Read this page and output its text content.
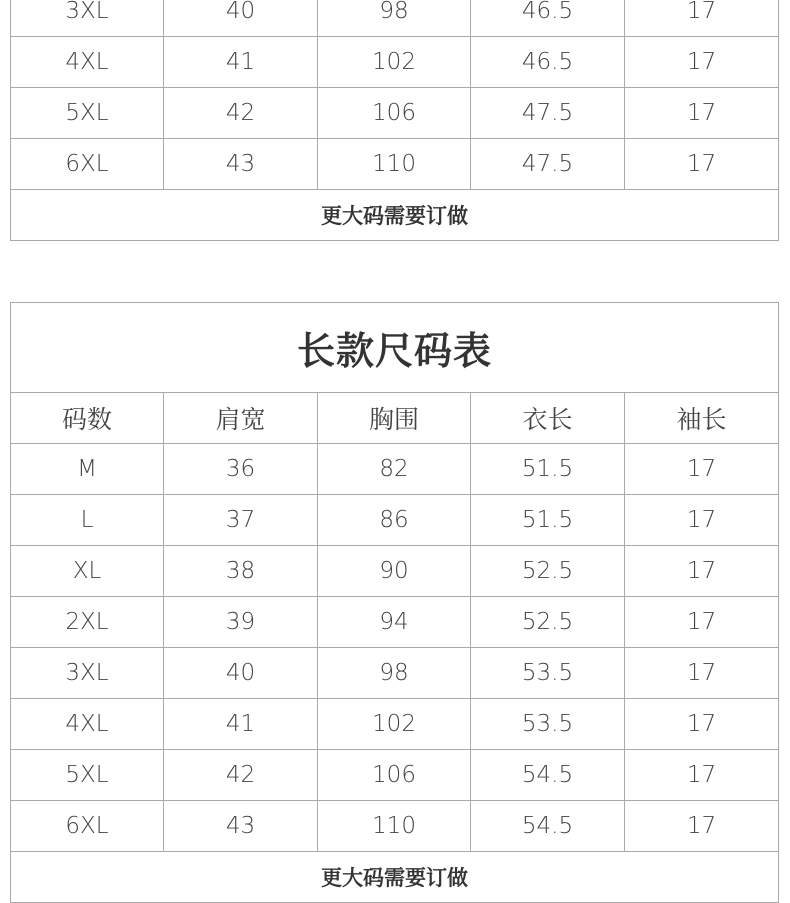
3XL	40	98	46.5	17
4XL	41	102	46.5	17
5XL	42	106	47.5	17
6XL	43	110	47.5	17
更大码需要订做				
长款尺码表				
码数	肩宽	胸围	衣长	袖长
M	36	82	51.5	17
L	37	86	51.5	17
XL	38	90	52.5	17
2XL	39	94	52.5	17
3XL	40	98	53.5	17
4XL	41	102	53.5	17
5XL	42	106	54.5	17
6XL	43	110	54.5	17
更大码需要订做				
